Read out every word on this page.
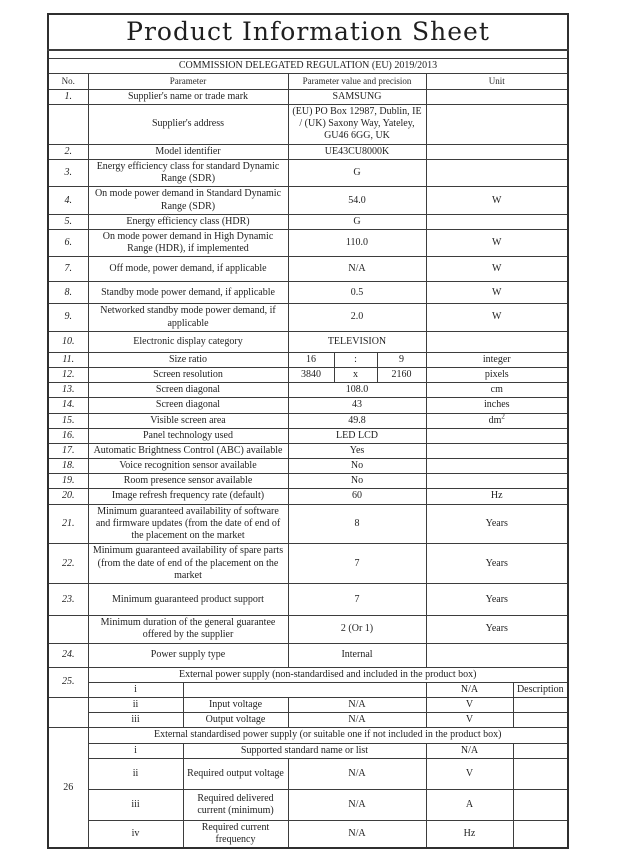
Product Information Sheet							

COMMISSION DELEGATED REGULATION (EU) 2019/2013							
No.	Parameter		Parameter value and precision			Unit	
1.	Supplier's name or trade mark		SAMSUNG				
	Supplier's address		(EU) PO Box 12987, Dublin, IE / (UK) Saxony Way, Yateley, GU46 6GG, UK				
2.	Model identifier		UE43CU8000K				
3.	Energy efficiency class for standard Dynamic Range (SDR)		G				
4.	On mode power demand in Standard Dynamic Range (SDR)		54.0			W	
5.	Energy efficiency class (HDR)		G				
6.	On mode power demand in High Dynamic Range (HDR), if implemented		110.0			W	
7.	Off mode, power demand, if applicable		N/A			W	
8.	Standby mode power demand, if applicable		0.5			W	
9.	Networked standby mode power demand, if applicable		2.0			W	
10.	Electronic display category		TELEVISION				
11.	Size ratio		16	:	9	integer	
12.	Screen resolution		3840	x	2160	pixels	
13.	Screen diagonal		108.0			cm	
14.	Screen diagonal		43			inches	
15.	Visible screen area		49.8			$dm^2$
16.	Panel technology used		LED LCD				
17.	Automatic Brightness Control (ABC) available		Yes				
18.	Voice recognition sensor available		No				
19.	Room presence sensor available		No				
20.	Image refresh frequency rate (default)		60			Hz	
21.	Minimum guaranteed availability of software and firmware updates (from the date of end of the placement on the market		8			Years	
22.	Minimum guaranteed availability of spare parts (from the date of end of the placement on the market		7			Years	
23.	Minimum guaranteed product support		7			Years	
	Minimum duration of the general guarantee offered by the supplier		2 (Or 1)			Years	
24.	Power supply type		Internal				
25.	External power supply (non-standardised and included in the product box)						
	i					N/A	Description
	ii	Input voltage	N/A			V	
	iii	Output voltage	N/A			V	
26	External standardised power supply (or suitable one if not included in the product box)						
	i	Supported standard name or list				N/A	
	ii	Required output voltage	N/A			V	
	iii	Required delivered current (minimum)	N/A			A	
	iv	Required current frequency	N/A			Hz	
